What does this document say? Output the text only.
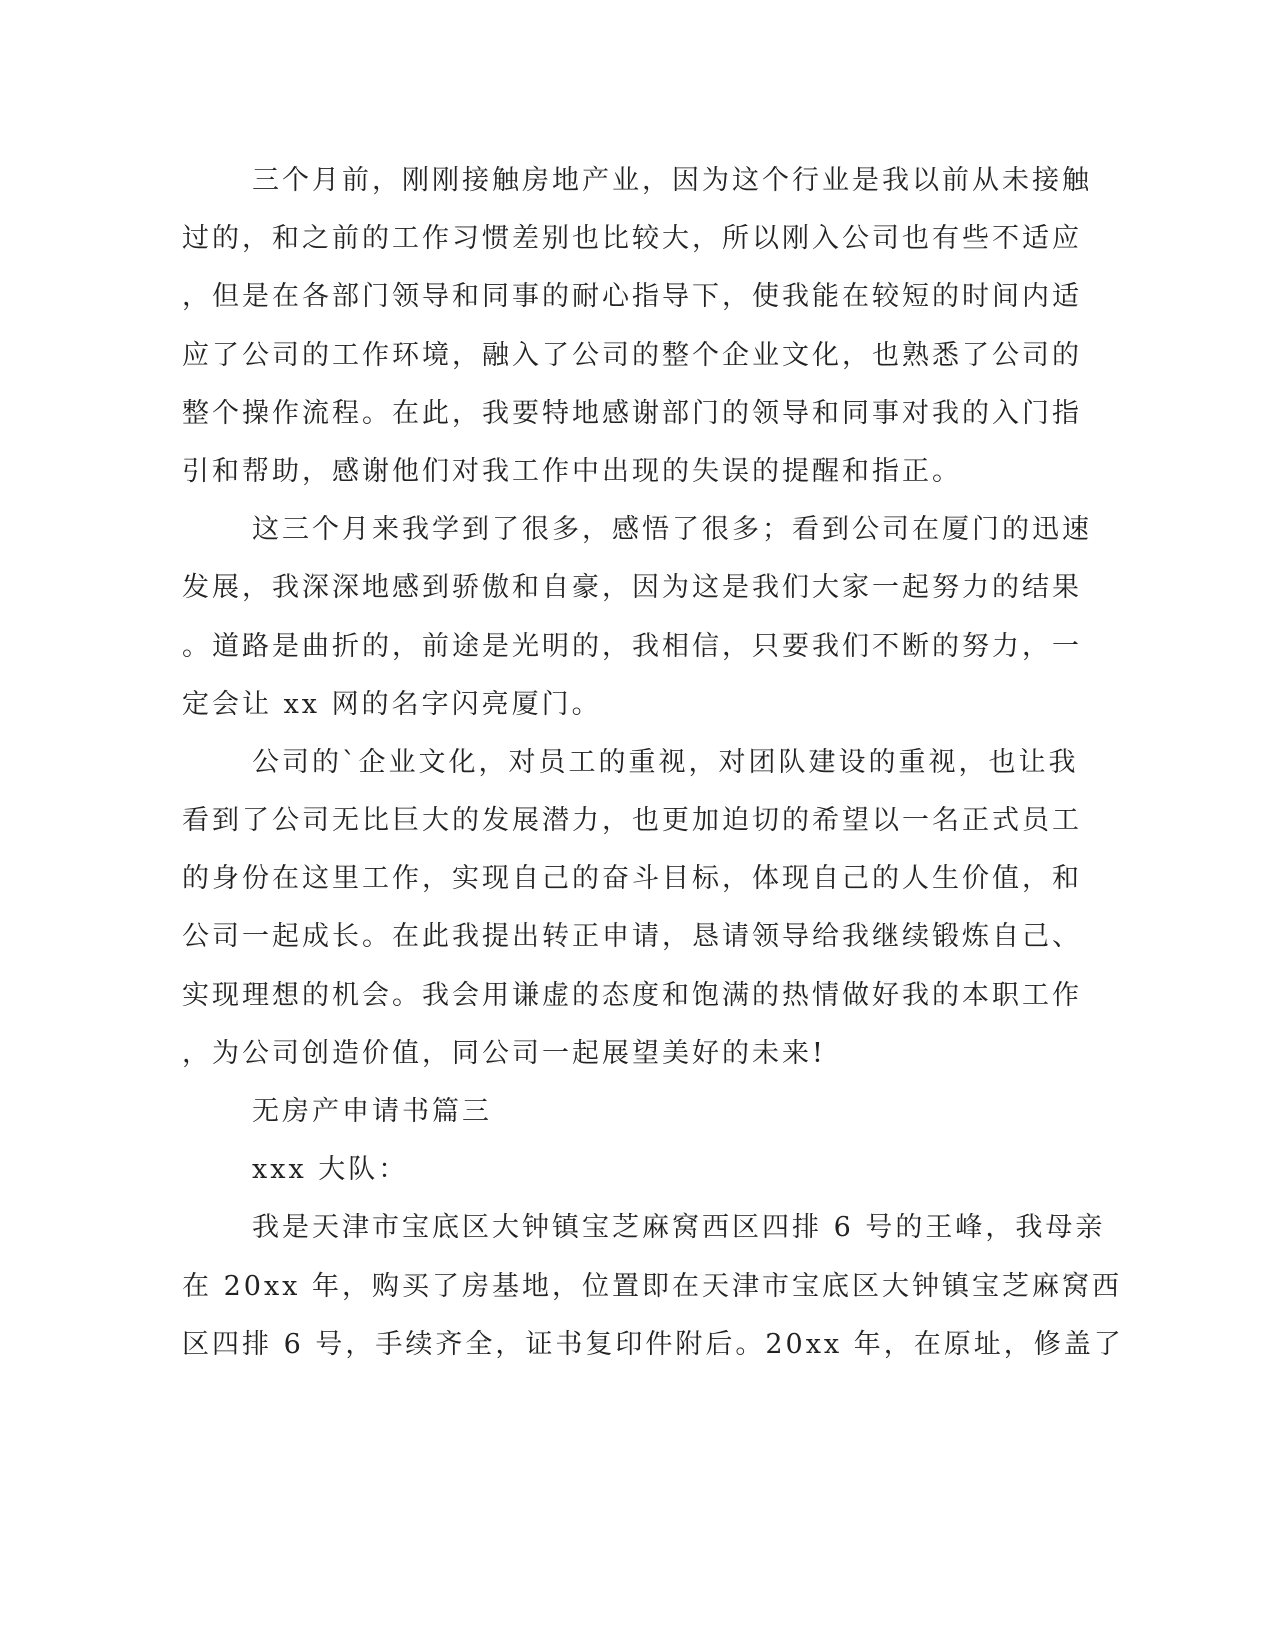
三个月前，刚刚接触房地产业，因为这个行业是我以前从未接触
过的，和之前的工作习惯差别也比较大，所以刚入公司也有些不适应
，但是在各部门领导和同事的耐心指导下，使我能在较短的时间内适
应了公司的工作环境，融入了公司的整个企业文化，也熟悉了公司的
整个操作流程。在此，我要特地感谢部门的领导和同事对我的入门指
引和帮助，感谢他们对我工作中出现的失误的提醒和指正。
这三个月来我学到了很多，感悟了很多；看到公司在厦门的迅速
发展，我深深地感到骄傲和自豪，因为这是我们大家一起努力的结果
。道路是曲折的，前途是光明的，我相信，只要我们不断的努力，一
定会让 xx 网的名字闪亮厦门。
公司的`企业文化，对员工的重视，对团队建设的重视，也让我
看到了公司无比巨大的发展潜力，也更加迫切的希望以一名正式员工
的身份在这里工作，实现自己的奋斗目标，体现自己的人生价值，和
公司一起成长。在此我提出转正申请，恳请领导给我继续锻炼自己、
实现理想的机会。我会用谦虚的态度和饱满的热情做好我的本职工作
，为公司创造价值，同公司一起展望美好的未来!
无房产申请书篇三
xxx 大队：
我是天津市宝底区大钟镇宝芝麻窝西区四排 6 号的王峰，我母亲
在 20xx 年，购买了房基地，位置即在天津市宝底区大钟镇宝芝麻窝西
区四排 6 号，手续齐全，证书复印件附后。20xx 年，在原址，修盖了
